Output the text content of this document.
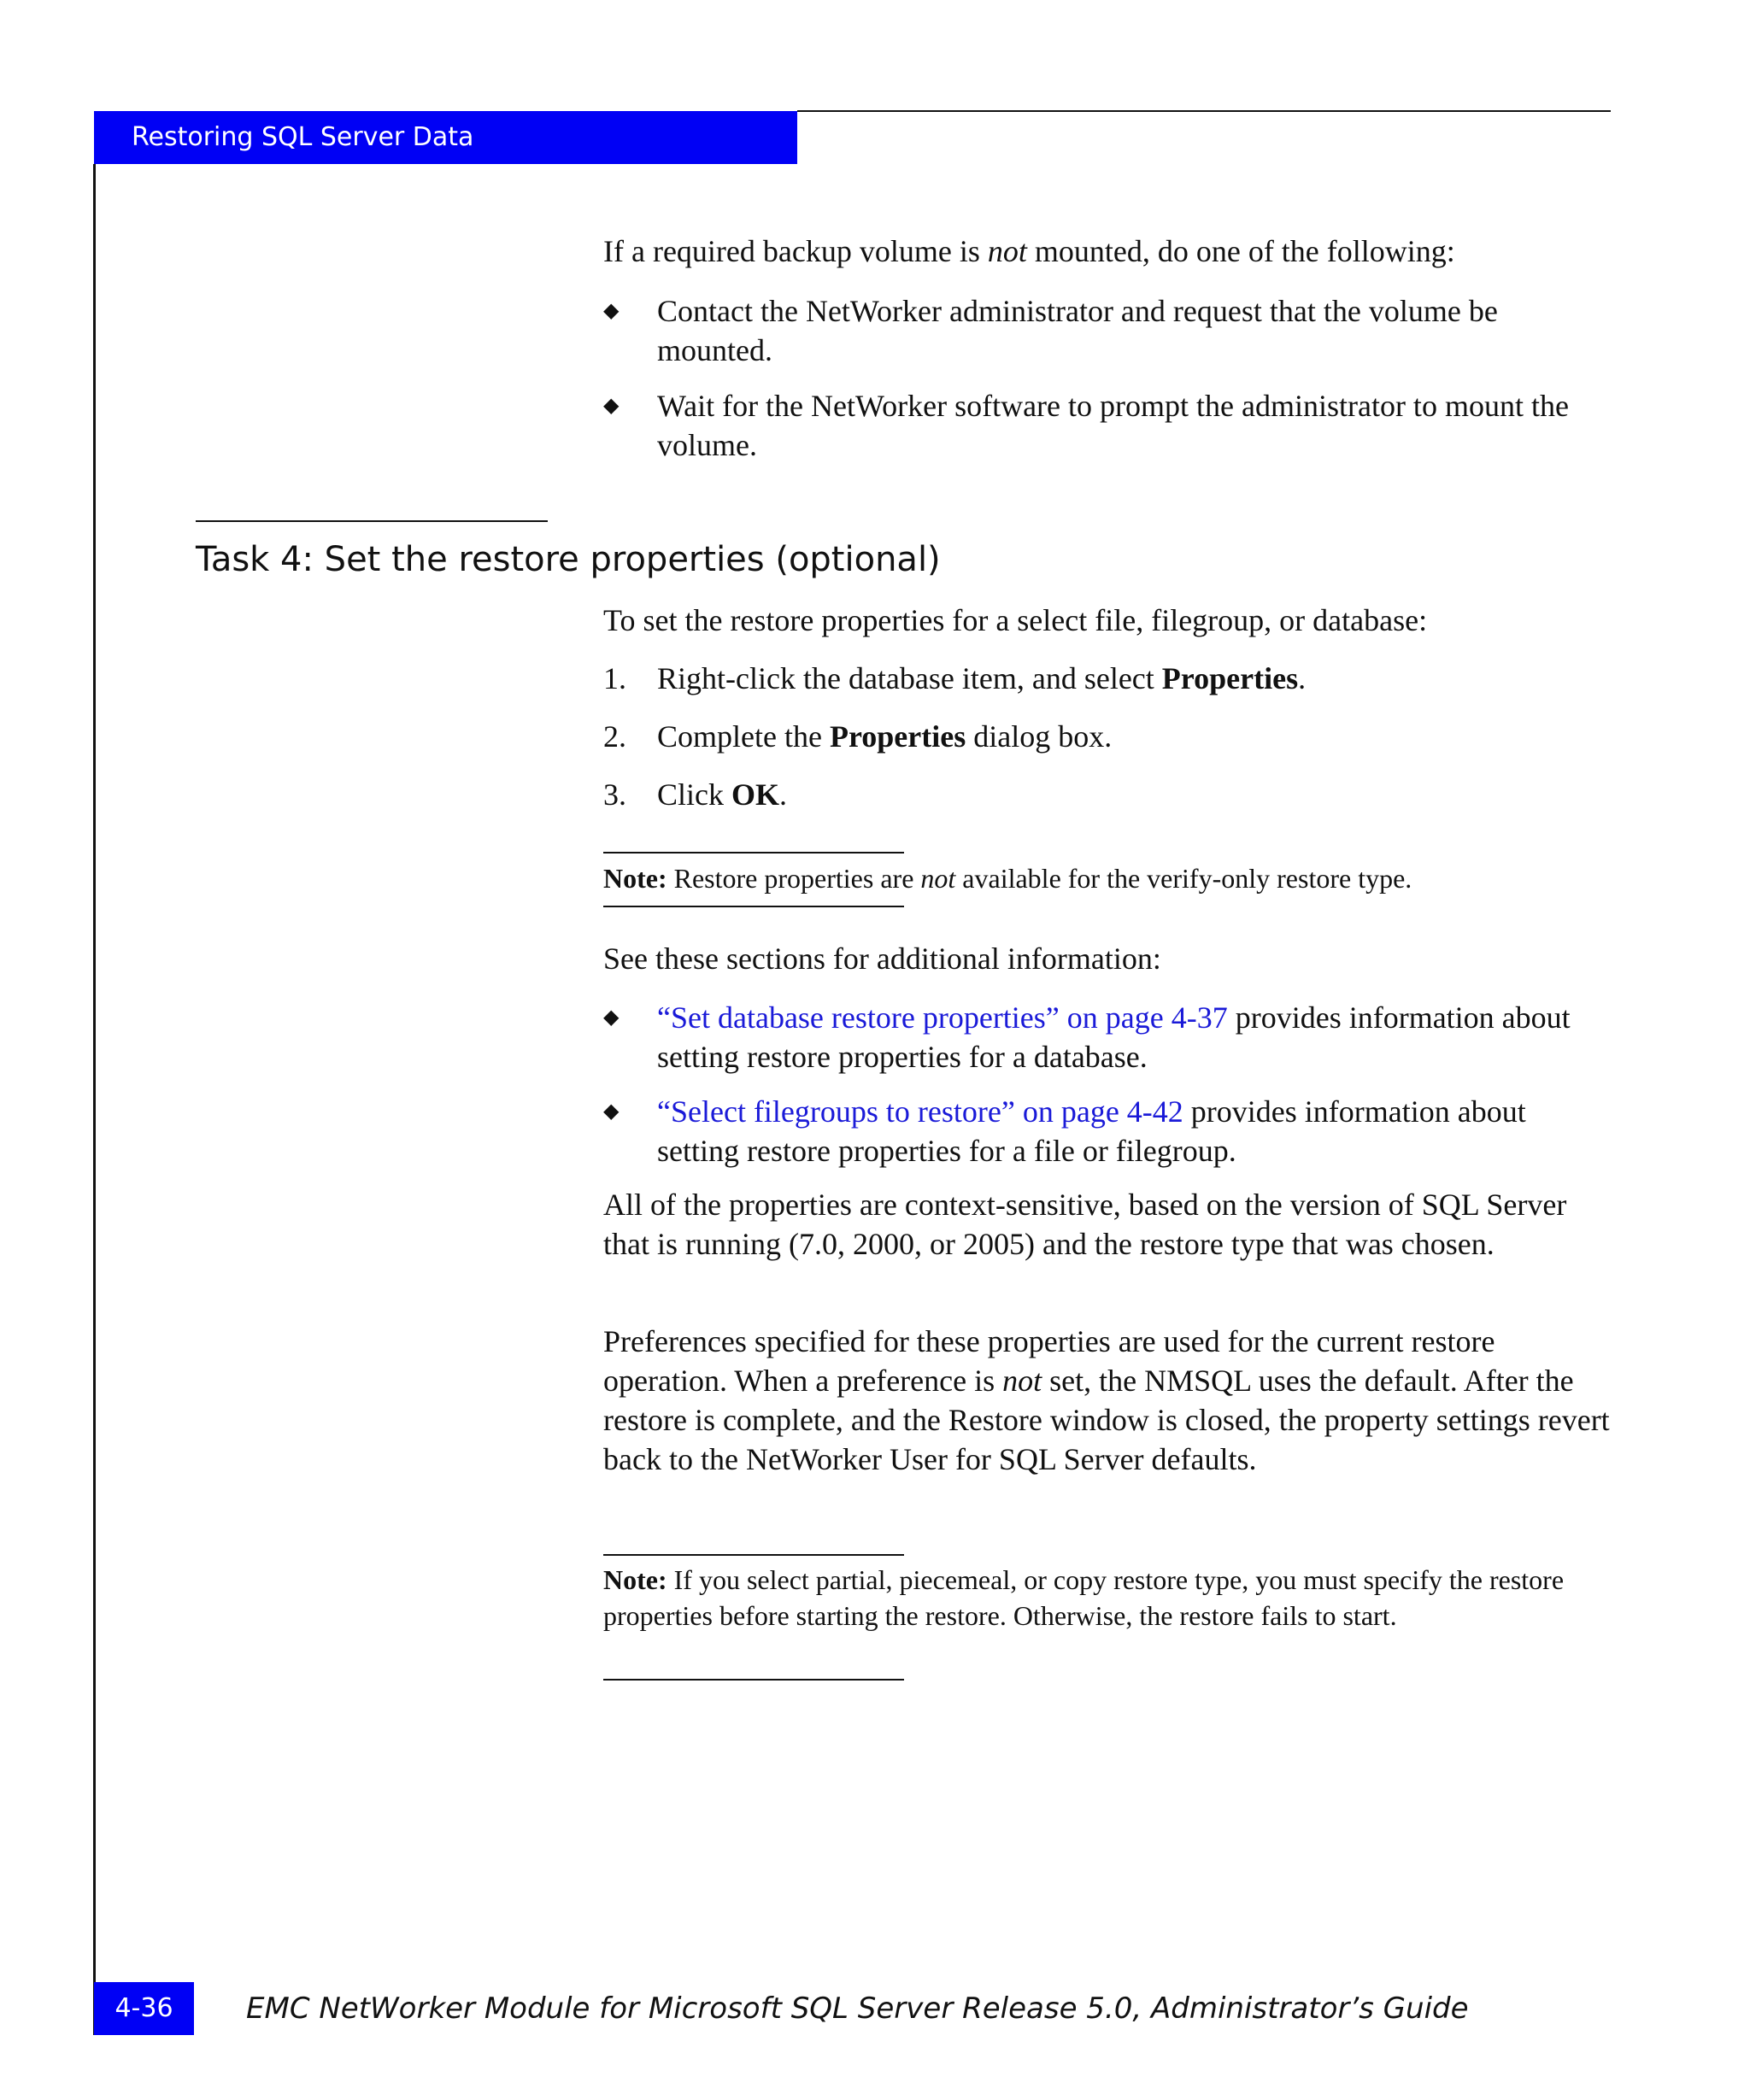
Restoring SQL Server Data

If a required backup volume is not mounted, do one of the following:

◆	Contact the NetWorker administrator and request that the volume be mounted.
◆	Wait for the NetWorker software to prompt the administrator to mount the volume.
Task 4: Set the restore properties (optional)

To set the restore properties for a select file, filegroup, or database:

1. Right-click the database item, and select Properties.
2. Complete the Properties dialog box.
3. Click OK.
Note: Restore properties are not available for the verify-only restore type.

See these sections for additional information:

◆	“Set database restore properties” on page 4-37 provides information about setting restore properties for a database.
◆	“Select filegroups to restore” on page 4-42 provides information about setting restore properties for a file or filegroup.

All of the properties are context-sensitive, based on the version of SQL Server that is running (7.0, 2000, or 2005) and the restore type that was chosen.

Preferences specified for these properties are used for the current restore operation. When a preference is not set, the NMSQL uses the default. After the restore is complete, and the Restore window is closed, the property settings revert back to the NetWorker User for SQL Server defaults.

Note: If you select partial, piecemeal, or copy restore type, you must specify the restore properties before starting the restore. Otherwise, the restore fails to start.
4-36	EMC NetWorker Module for Microsoft SQL Server Release 5.0, Administrator’s Guide
